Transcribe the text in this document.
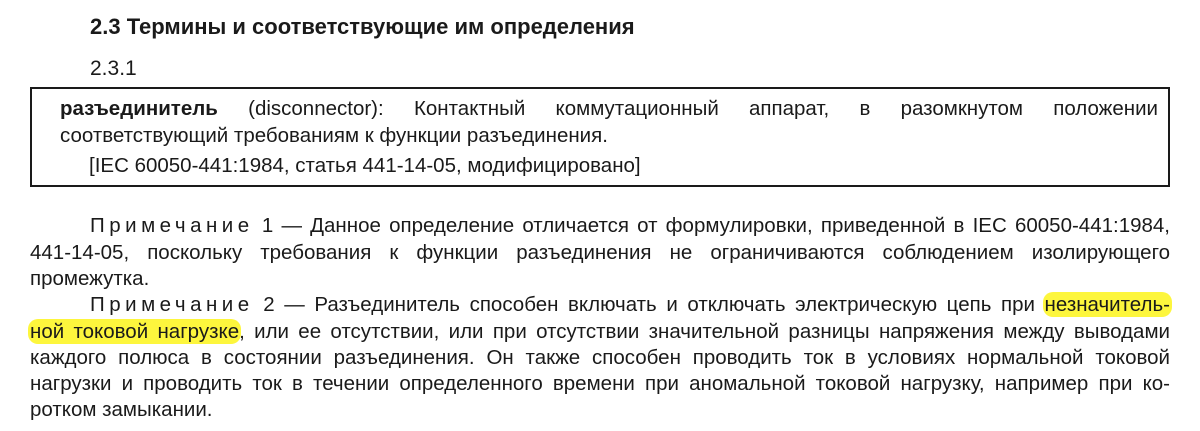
2.3 Термины и соответствующие им определения
2.3.1
разъединитель (disconnector): Контактный коммутационный аппарат, в разомкнутом положении
соответствующий требованиям к функции разъединения.
[IEC 60050-441:1984, статья 441-14-05, модифицировано]
Примечание 1 — Данное определение отличается от формулировки, приведенной в IEC 60050-441:1984,
441-14-05, поскольку требования к функции разъединения не ограничиваются соблюдением изолирующего
промежутка.
Примечание 2 — Разъединитель способен включать и отключать электрическую цепь при незначитель-
ной токовой нагрузке, или ее отсутствии, или при отсутствии значительной разницы напряжения между выводами
каждого полюса в состоянии разъединения. Он также способен проводить ток в условиях нормальной токовой
нагрузки и проводить ток в течении определенного времени при аномальной токовой нагрузку, например при ко-
ротком замыкании.
